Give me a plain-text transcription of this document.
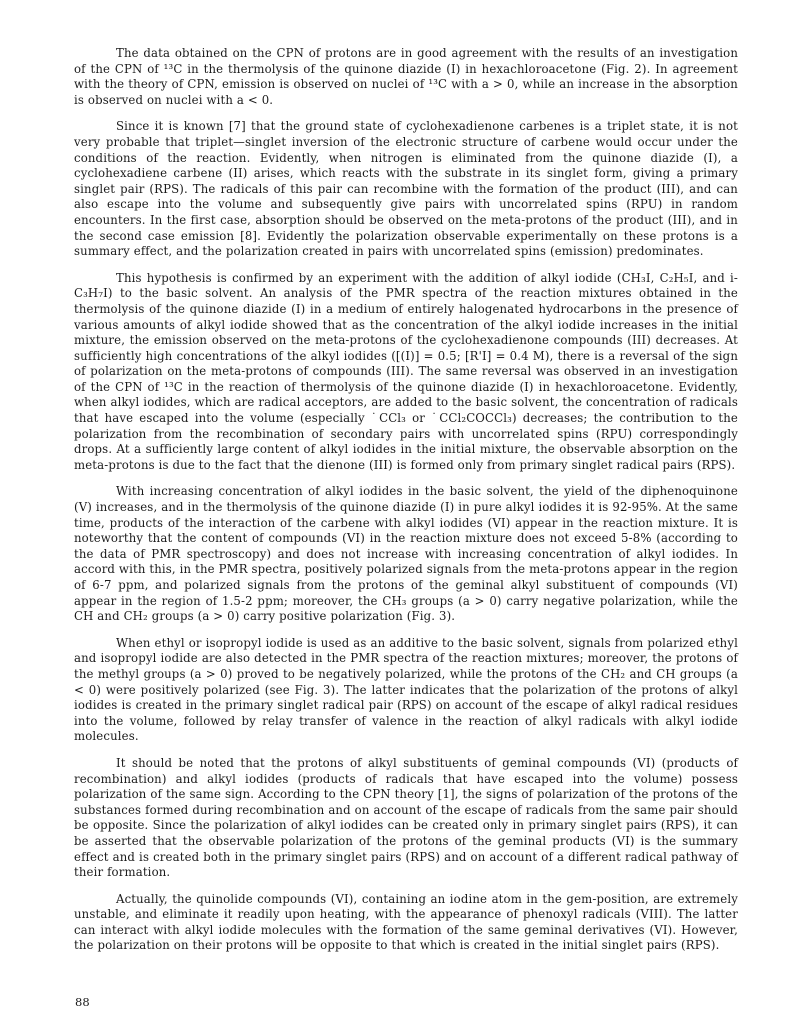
The data obtained on the CPN of protons are in good agreement with the results of an investigation of the CPN of ¹³C in the thermolysis of the quinone diazide (I) in hexachloroacetone (Fig. 2). In agreement with the theory of CPN, emission is observed on nuclei of ¹³C with a > 0, while an increase in the absorption is observed on nuclei with a < 0.

Since it is known [7] that the ground state of cyclohexadienone carbenes is a triplet state, it is not very probable that triplet—singlet inversion of the electronic structure of carbene would occur under the conditions of the reaction. Evidently, when nitrogen is eliminated from the quinone diazide (I), a cyclohexadiene carbene (II) arises, which reacts with the substrate in its singlet form, giving a primary singlet pair (RPS). The radicals of this pair can recombine with the formation of the product (III), and can also escape into the volume and subsequently give pairs with uncorrelated spins (RPU) in random encounters. In the first case, absorption should be observed on the meta-protons of the product (III), and in the second case emission [8]. Evidently the polarization observable experimentally on these protons is a summary effect, and the polarization created in pairs with uncorrelated spins (emission) predominates.

This hypothesis is confirmed by an experiment with the addition of alkyl iodide (CH₃I, C₂H₅I, and i-C₃H₇I) to the basic solvent. An analysis of the PMR spectra of the reaction mixtures obtained in the thermolysis of the quinone diazide (I) in a medium of entirely halogenated hydrocarbons in the presence of various amounts of alkyl iodide showed that as the concentration of the alkyl iodide increases in the initial mixture, the emission observed on the meta-protons of the cyclohexadienone compounds (III) decreases. At sufficiently high concentrations of the alkyl iodides ([(I)] = 0.5; [R'I] = 0.4 M), there is a reversal of the sign of polarization on the meta-protons of compounds (III). The same reversal was observed in an investigation of the CPN of ¹³C in the reaction of thermolysis of the quinone diazide (I) in hexachloroacetone. Evidently, when alkyl iodides, which are radical acceptors, are added to the basic solvent, the concentration of radicals that have escaped into the volume (especially ˙CCl₃ or ˙CCl₂COCCl₃) decreases; the contribution to the polarization from the recombination of secondary pairs with uncorrelated spins (RPU) correspondingly drops. At a sufficiently large content of alkyl iodides in the initial mixture, the observable absorption on the meta-protons is due to the fact that the dienone (III) is formed only from primary singlet radical pairs (RPS).

With increasing concentration of alkyl iodides in the basic solvent, the yield of the diphenoquinone (V) increases, and in the thermolysis of the quinone diazide (I) in pure alkyl iodides it is 92-95%. At the same time, products of the interaction of the carbene with alkyl iodides (VI) appear in the reaction mixture. It is noteworthy that the content of compounds (VI) in the reaction mixture does not exceed 5-8% (according to the data of PMR spectroscopy) and does not increase with increasing concentration of alkyl iodides. In accord with this, in the PMR spectra, positively polarized signals from the meta-protons appear in the region of 6-7 ppm, and polarized signals from the protons of the geminal alkyl substituent of compounds (VI) appear in the region of 1.5-2 ppm; moreover, the CH₃ groups (a > 0) carry negative polarization, while the CH and CH₂ groups (a > 0) carry positive polarization (Fig. 3).

When ethyl or isopropyl iodide is used as an additive to the basic solvent, signals from polarized ethyl and isopropyl iodide are also detected in the PMR spectra of the reaction mixtures; moreover, the protons of the methyl groups (a > 0) proved to be negatively polarized, while the protons of the CH₂ and CH groups (a < 0) were positively polarized (see Fig. 3). The latter indicates that the polarization of the protons of alkyl iodides is created in the primary singlet radical pair (RPS) on account of the escape of alkyl radical residues into the volume, followed by relay transfer of valence in the reaction of alkyl radicals with alkyl iodide molecules.

It should be noted that the protons of alkyl substituents of geminal compounds (VI) (products of recombination) and alkyl iodides (products of radicals that have escaped into the volume) possess polarization of the same sign. According to the CPN theory [1], the signs of polarization of the protons of the substances formed during recombination and on account of the escape of radicals from the same pair should be opposite. Since the polarization of alkyl iodides can be created only in primary singlet pairs (RPS), it can be asserted that the observable polarization of the protons of the geminal products (VI) is the summary effect and is created both in the primary singlet pairs (RPS) and on account of a different radical pathway of their formation.

Actually, the quinolide compounds (VI), containing an iodine atom in the gem-position, are extremely unstable, and eliminate it readily upon heating, with the appearance of phenoxyl radicals (VIII). The latter can interact with alkyl iodide molecules with the formation of the same geminal derivatives (VI). However, the polarization on their protons will be opposite to that which is created in the initial singlet pairs (RPS).

88
